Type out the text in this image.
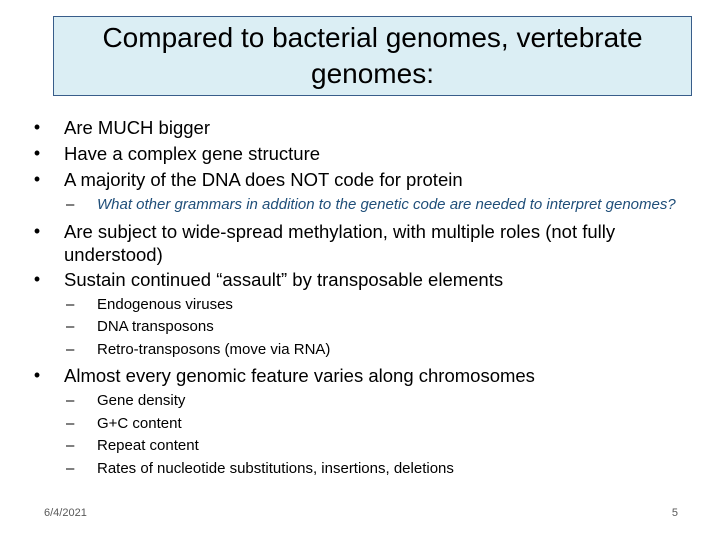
Compared to bacterial genomes, vertebrate genomes:

• Are MUCH bigger

• Have a complex gene structure

• A majority of the DNA does NOT code for protein

– What other grammars in addition to the genetic code are needed to interpret genomes?

• Are subject to wide-spread methylation, with multiple roles (not fully understood)

• Sustain continued “assault” by transposable elements

– Endogenous viruses

– DNA transposons

– Retro-transposons (move via RNA)

• Almost every genomic feature varies along chromosomes

– Gene density

– G+C content

– Repeat content

– Rates of nucleotide substitutions, insertions, deletions

6/4/2021	5
